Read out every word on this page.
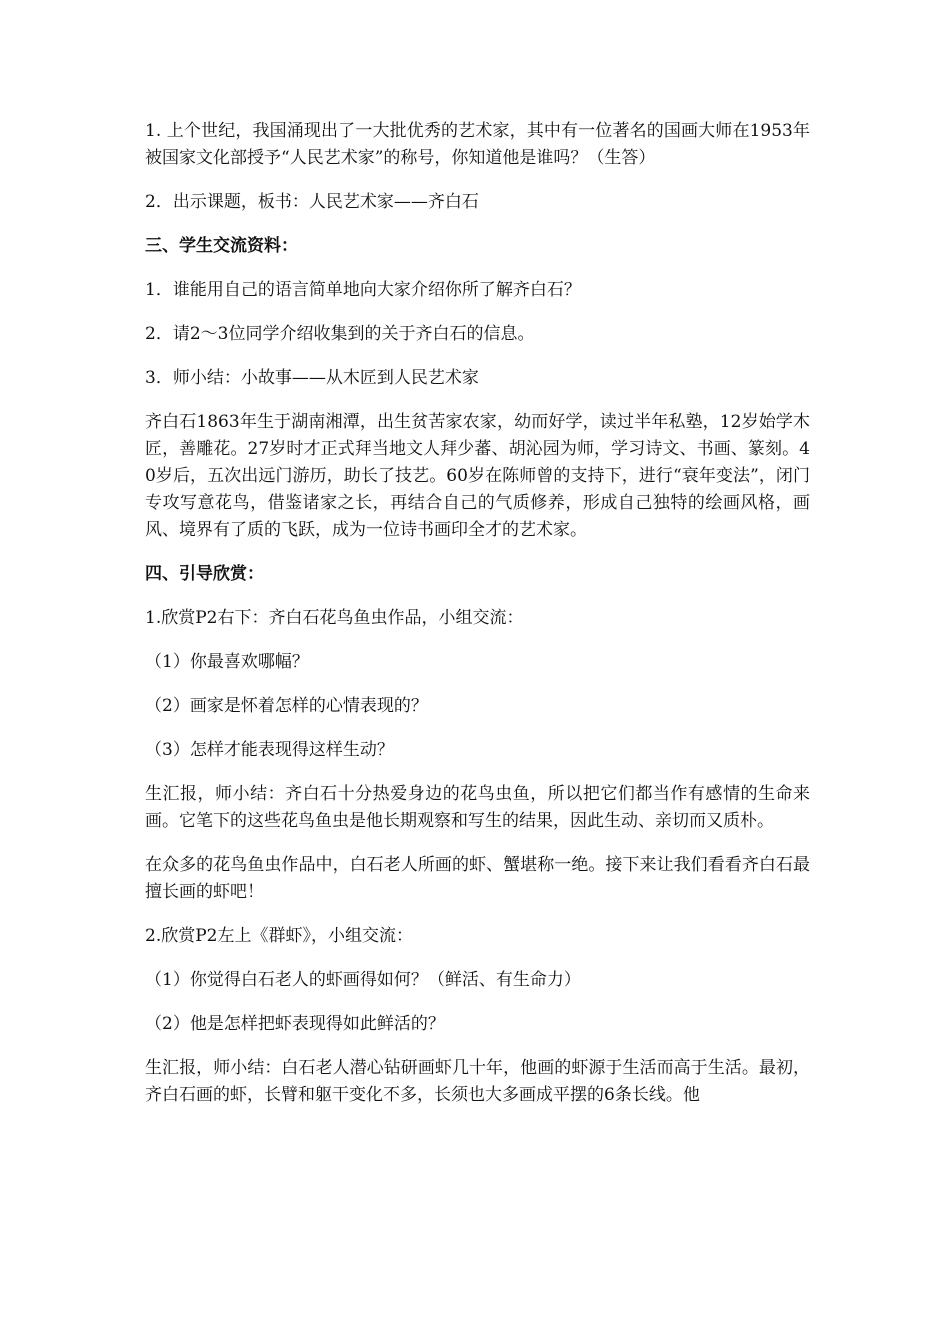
1. 上个世纪，我国涌现出了一大批优秀的艺术家，其中有一位著名的国画大师在1953年被国家文化部授予“人民艺术家”的称号，你知道他是谁吗？（生答）

2．出示课题，板书：人民艺术家——齐白石

三、学生交流资料：

1．谁能用自己的语言简单地向大家介绍你所了解齐白石？

2．请2～3位同学介绍收集到的关于齐白石的信息。

3．师小结：小故事——从木匠到人民艺术家

齐白石1863年生于湖南湘潭，出生贫苦家农家，幼而好学，读过半年私塾，12岁始学木匠，善雕花。27岁时才正式拜当地文人拜少蕃、胡沁园为师，学习诗文、书画、篆刻。40岁后，五次出远门游历，助长了技艺。60岁在陈师曾的支持下，进行“衰年变法”，闭门专攻写意花鸟，借鉴诸家之长，再结合自己的气质修养，形成自己独特的绘画风格，画风、境界有了质的飞跃，成为一位诗书画印全才的艺术家。

四、引导欣赏：

1.欣赏P2右下：齐白石花鸟鱼虫作品，小组交流：

（1）你最喜欢哪幅？

（2）画家是怀着怎样的心情表现的？

（3）怎样才能表现得这样生动？

生汇报，师小结：齐白石十分热爱身边的花鸟虫鱼，所以把它们都当作有感情的生命来画。它笔下的这些花鸟鱼虫是他长期观察和写生的结果，因此生动、亲切而又质朴。

在众多的花鸟鱼虫作品中，白石老人所画的虾、蟹堪称一绝。接下来让我们看看齐白石最擅长画的虾吧！

2.欣赏P2左上《群虾》，小组交流：

（1）你觉得白石老人的虾画得如何？（鲜活、有生命力）

（2）他是怎样把虾表现得如此鲜活的？

生汇报，师小结：白石老人潜心钻研画虾几十年，他画的虾源于生活而高于生活。最初，齐白石画的虾，长臂和躯干变化不多，长须也大多画成平摆的6条长线。他
